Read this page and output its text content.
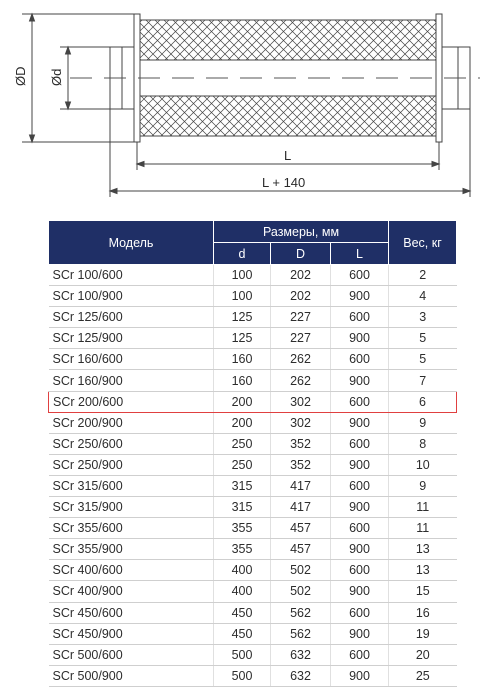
ØD Ød
L
L + 140
Модель	Размеры, мм			Вес, кг
	d	D	L	
SCr 100/600	100	202	600	2
SCr 100/900	100	202	900	4
SCr 125/600	125	227	600	3
SCr 125/900	125	227	900	5
SCr 160/600	160	262	600	5
SCr 160/900	160	262	900	7
SCr 200/600	200	302	600	6
SCr 200/900	200	302	900	9
SCr 250/600	250	352	600	8
SCr 250/900	250	352	900	10
SCr 315/600	315	417	600	9
SCr 315/900	315	417	900	11
SCr 355/600	355	457	600	11
SCr 355/900	355	457	900	13
SCr 400/600	400	502	600	13
SCr 400/900	400	502	900	15
SCr 450/600	450	562	600	16
SCr 450/900	450	562	900	19
SCr 500/600	500	632	600	20
SCr 500/900	500	632	900	25
